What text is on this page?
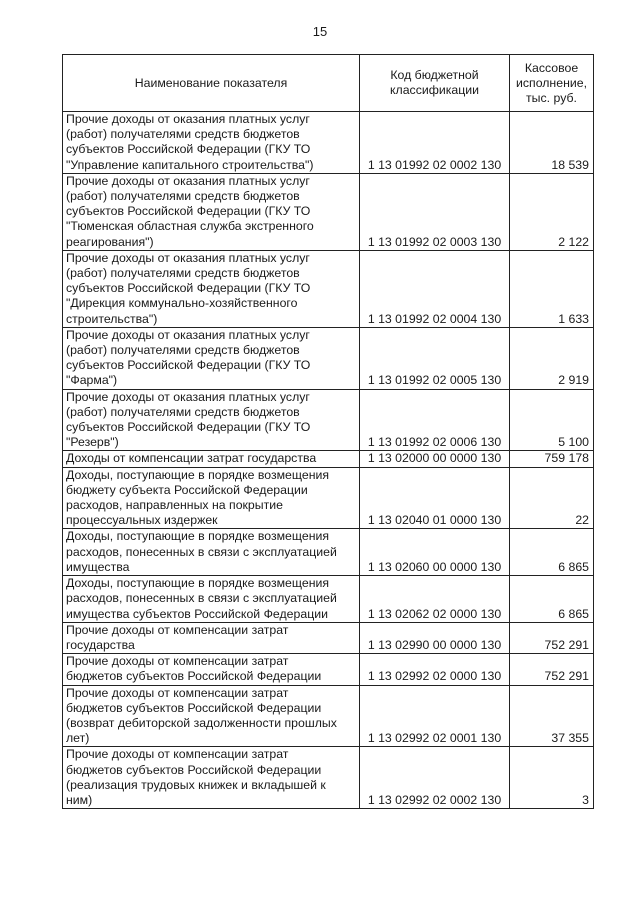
15
Наименование показателя	Код бюджетной классификации	Кассовое исполнение, тыс. руб.
Прочие доходы от оказания платных услуг
(работ) получателями средств бюджетов
субъектов Российской Федерации (ГКУ ТО
"Управление капитального строительства")	1 13 01992 02 0002 130	18 539
Прочие доходы от оказания платных услуг
(работ) получателями средств бюджетов
субъектов Российской Федерации (ГКУ ТО
"Тюменская областная служба экстренного
реагирования")	1 13 01992 02 0003 130	2 122
Прочие доходы от оказания платных услуг
(работ) получателями средств бюджетов
субъектов Российской Федерации (ГКУ ТО
"Дирекция коммунально-хозяйственного
строительства")	1 13 01992 02 0004 130	1 633
Прочие доходы от оказания платных услуг
(работ) получателями средств бюджетов
субъектов Российской Федерации (ГКУ ТО
"Фарма")	1 13 01992 02 0005 130	2 919
Прочие доходы от оказания платных услуг
(работ) получателями средств бюджетов
субъектов Российской Федерации (ГКУ ТО
"Резерв")	1 13 01992 02 0006 130	5 100
Доходы от компенсации затрат государства	1 13 02000 00 0000 130	759 178
Доходы, поступающие в порядке возмещения
бюджету субъекта Российской Федерации
расходов, направленных на покрытие
процессуальных издержек	1 13 02040 01 0000 130	22
Доходы, поступающие в порядке возмещения
расходов, понесенных в связи с эксплуатацией
имущества	1 13 02060 00 0000 130	6 865
Доходы, поступающие в порядке возмещения
расходов, понесенных в связи с эксплуатацией
имущества субъектов Российской Федерации	1 13 02062 02 0000 130	6 865
Прочие доходы от компенсации затрат
государства	1 13 02990 00 0000 130	752 291
Прочие доходы от компенсации затрат
бюджетов субъектов Российской Федерации	1 13 02992 02 0000 130	752 291
Прочие доходы от компенсации затрат
бюджетов субъектов Российской Федерации
(возврат дебиторской задолженности прошлых
лет)	1 13 02992 02 0001 130	37 355
Прочие доходы от компенсации затрат
бюджетов субъектов Российской Федерации
(реализация трудовых книжек и вкладышей к
ним)	1 13 02992 02 0002 130	3
